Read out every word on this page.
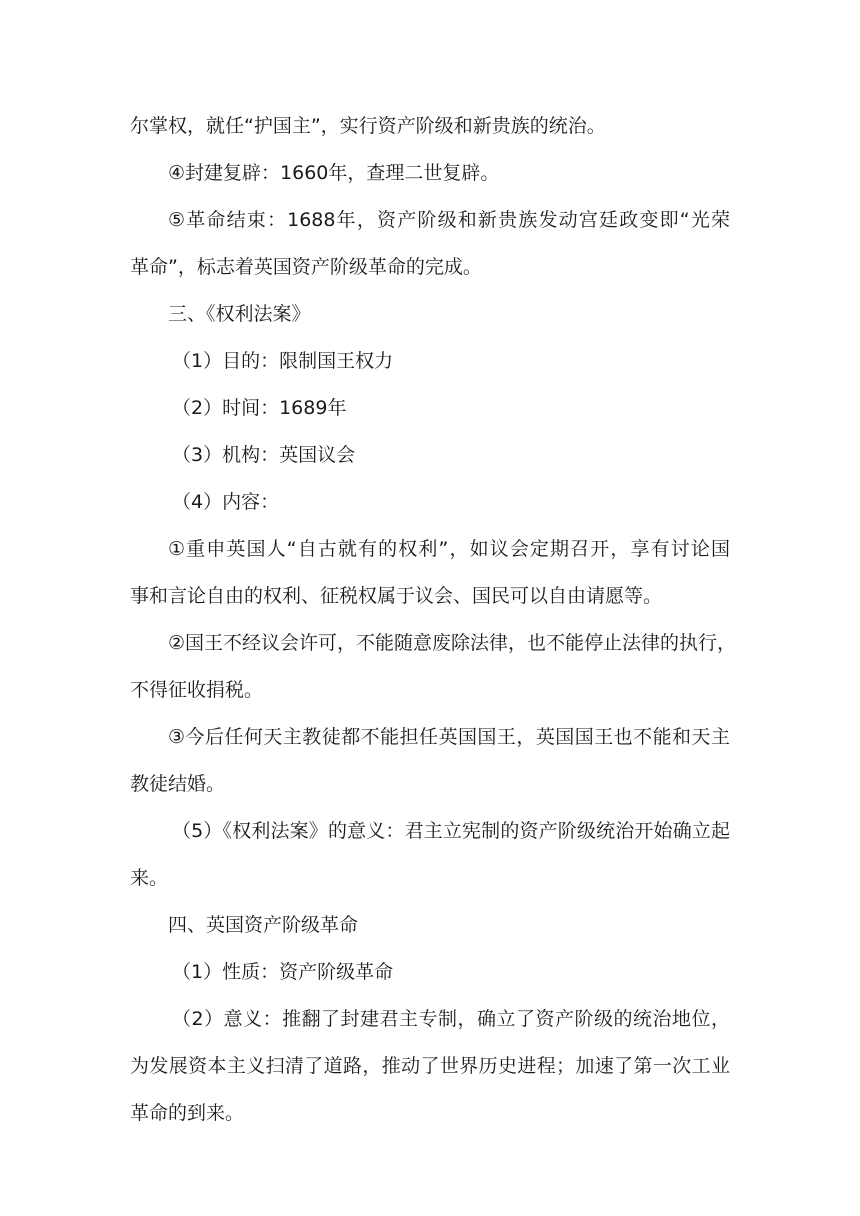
尔掌权，就任“护国主”，实行资产阶级和新贵族的统治。
④封建复辟：1660年，查理二世复辟。
⑤革命结束：1688年，资产阶级和新贵族发动宫廷政变即“光荣
革命”，标志着英国资产阶级革命的完成。
三、《权利法案》
（1）目的：限制国王权力
（2）时间：1689年
（3）机构：英国议会
（4）内容：
①重申英国人“自古就有的权利”，如议会定期召开，享有讨论国
事和言论自由的权利、征税权属于议会、国民可以自由请愿等。
②国王不经议会许可，不能随意废除法律，也不能停止法律的执行，
不得征收捐税。
③今后任何天主教徒都不能担任英国国王，英国国王也不能和天主
教徒结婚。
（5）《权利法案》的意义：君主立宪制的资产阶级统治开始确立起
来。
四、英国资产阶级革命
（1）性质：资产阶级革命
（2）意义：推翻了封建君主专制，确立了资产阶级的统治地位，
为发展资本主义扫清了道路，推动了世界历史进程；加速了第一次工业
革命的到来。
